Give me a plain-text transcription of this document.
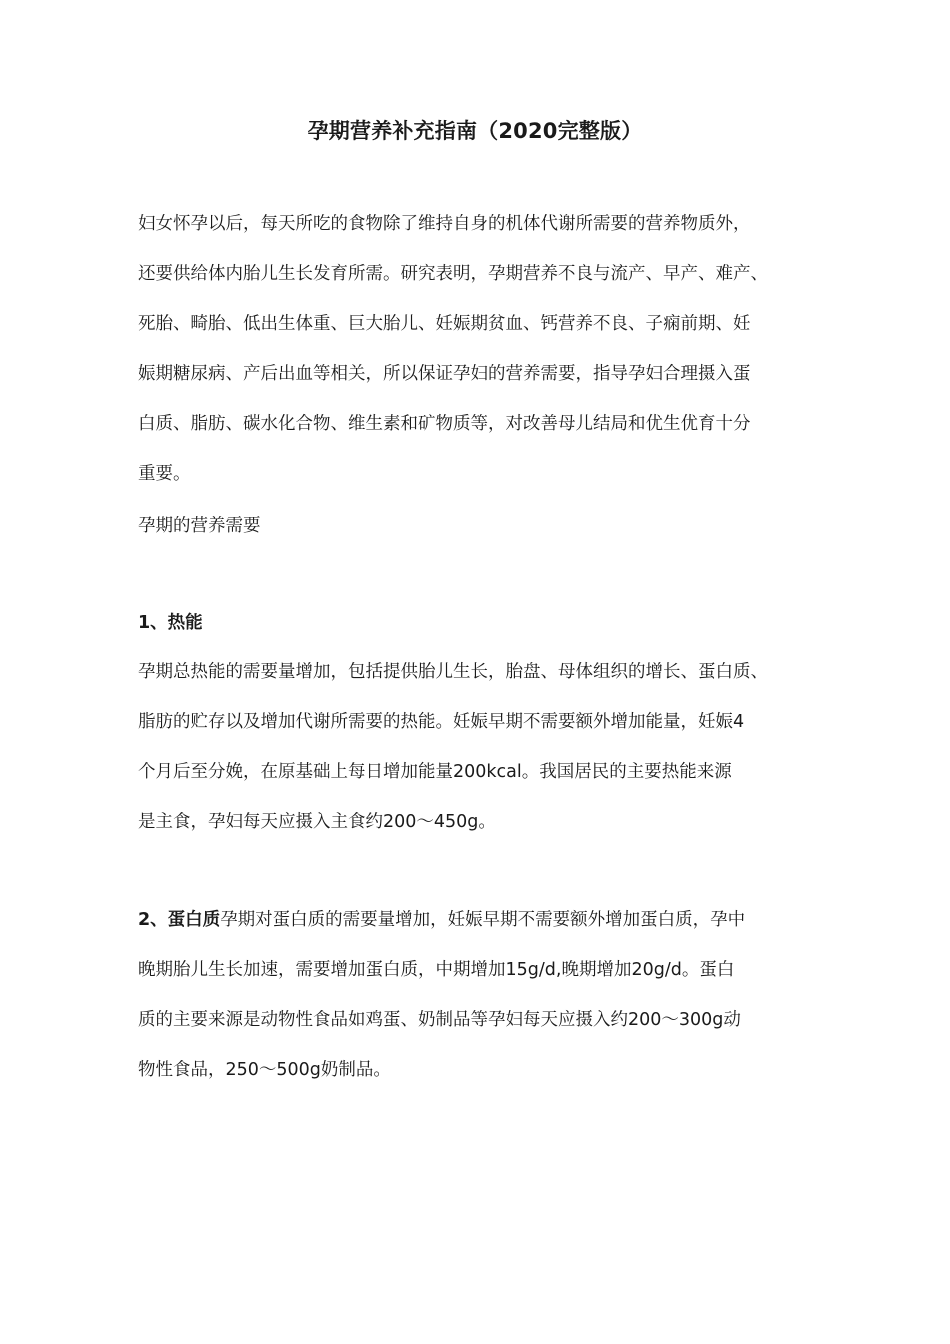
孕期营养补充指南（2020完整版）
妇女怀孕以后，每天所吃的食物除了维持自身的机体代谢所需要的营养物质外，
还要供给体内胎儿生长发育所需。研究表明，孕期营养不良与流产、早产、难产、
死胎、畸胎、低出生体重、巨大胎儿、妊娠期贫血、钙营养不良、子痫前期、妊
娠期糖尿病、产后出血等相关，所以保证孕妇的营养需要，指导孕妇合理摄入蛋
白质、脂肪、碳水化合物、维生素和矿物质等，对改善母儿结局和优生优育十分
重要。
孕期的营养需要
1、热能
孕期总热能的需要量增加，包括提供胎儿生长，胎盘、母体组织的增长、蛋白质、
脂肪的贮存以及增加代谢所需要的热能。妊娠早期不需要额外增加能量，妊娠4
个月后至分娩，在原基础上每日增加能量200kcal。我国居民的主要热能来源
是主食，孕妇每天应摄入主食约200〜450g。
2、蛋白质孕期对蛋白质的需要量增加，妊娠早期不需要额外增加蛋白质，孕中
晚期胎儿生长加速，需要增加蛋白质，中期增加15g/d,晚期增加20g/d。蛋白
质的主要来源是动物性食品如鸡蛋、奶制品等孕妇每天应摄入约200〜300g动
物性食品，250〜500g奶制品。
